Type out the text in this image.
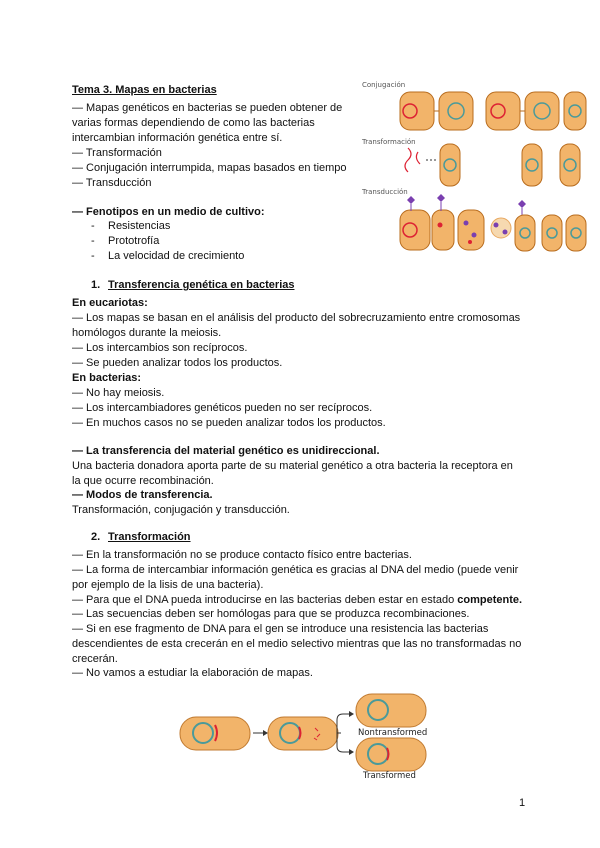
Tema 3. Mapas en bacterias
— Mapas genéticos en bacterias se pueden obtener de
varias formas dependiendo de como las bacterias
intercambian información genética entre sí.
— Transformación
— Conjugación interrumpida, mapas basados en tiempo
— Transducción
— Fenotipos en un medio de cultivo:
- Resistencias
- Prototrofía
- La velocidad de crecimiento
1. Transferencia genética en bacterias
En eucariotas:
— Los mapas se basan en el análisis del producto del sobrecruzamiento entre cromosomas
homólogos durante la meiosis.
— Los intercambios son recíprocos.
— Se pueden analizar todos los productos.
En bacterias:
— No hay meiosis.
— Los intercambiadores genéticos pueden no ser recíprocos.
— En muchos casos no se pueden analizar todos los productos.
— La transferencia del material genético es unidireccional.
Una bacteria donadora aporta parte de su material genético a otra bacteria la receptora en
la que ocurre recombinación.
— Modos de transferencia.
Transformación, conjugación y transducción.
2. Transformación
— En la transformación no se produce contacto físico entre bacterias.
— La forma de intercambiar información genética es gracias al DNA del medio (puede venir
por ejemplo de la lisis de una bacteria).
— Para que el DNA pueda introducirse en las bacterias deben estar en estado competente.
— Las secuencias deben ser homólogas para que se produzca recombinaciones.
— Si en ese fragmento de DNA para el gen se introduce una resistencia las bacterias
descendientes de esta crecerán en el medio selectivo mientras que las no transformadas no
crecerán.
— No vamos a estudiar la elaboración de mapas.
Conjugación
Transformación
Transducción
Nontransformed
Transformed
1
